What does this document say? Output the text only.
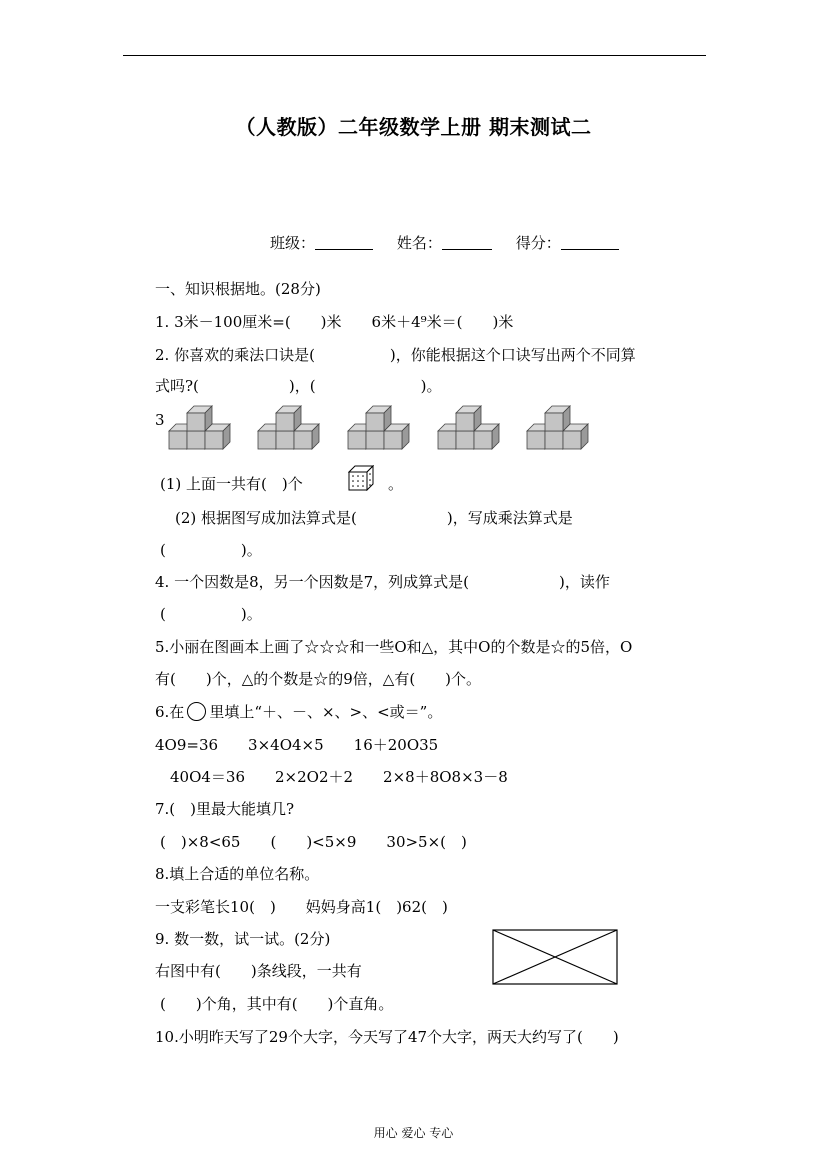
（人教版）二年级数学上册 期末测试二
班级：	姓名：	得分：
一、知识根据地。(28分)
1. 3米－100厘米=(　　)米　　6米＋4⁹米＝(　　)米
2. 你喜欢的乘法口诀是(　　　　　)，你能根据这个口诀写出两个不同算
式吗?(　　　　　　)，(　　　　　　　)。
3
(1) 上面一共有(　)个	。
　(2) 根据图写成加法算式是(　　　　　　)，写成乘法算式是
(　　　　　)。
4. 一个因数是8，另一个因数是7，列成算式是(　　　　　　)，读作
(　　　　　)。
5.小丽在图画本上画了☆☆☆和一些O和△，其中O的个数是☆的5倍，O
有(　　)个，△的个数是☆的9倍，△有(　　)个。
6.在 里填上“＋、－、×、>、<或＝”。
4O9=36　　3×4O4×5　　16＋20O35
　40O4＝36　　2×2O2＋2　　2×8＋8O8×3－8
7.(　)里最大能填几?
(　)×8<65　　(　　)<5×9　　30>5×(　)
8.填上合适的单位名称。
一支彩笔长10(　)　　妈妈身高1(　)62(　)
9. 数一数，试一试。(2分)
右图中有(　　)条线段，一共有
(　　)个角，其中有(　　)个直角。
10.小明昨天写了29个大字，今天写了47个大字，两天大约写了(　　)
用心 爱心 专心
